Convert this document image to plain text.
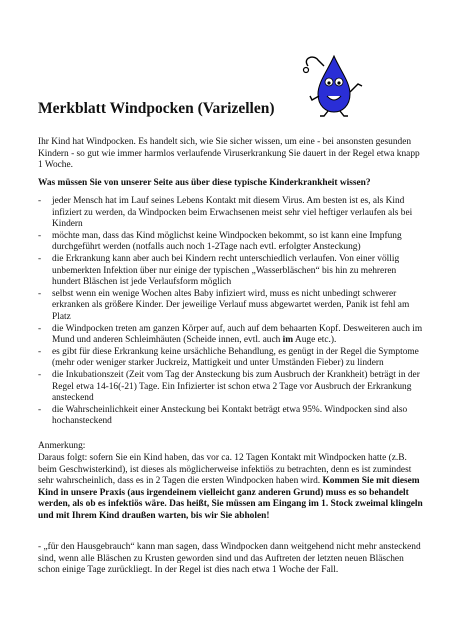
Merkblatt Windpocken (Varizellen)

Ihr Kind hat Windpocken. Es handelt sich, wie Sie sicher wissen, um eine - bei ansonsten gesunden Kindern - so gut wie immer harmlos verlaufende Viruserkrankung Sie dauert in der Regel etwa knapp 1 Woche.

Was müssen Sie von unserer Seite aus über diese typische Kinderkrankheit wissen?

- jeder Mensch hat im Lauf seines Lebens Kontakt mit diesem Virus. Am besten ist es, als Kind infiziert zu werden, da Windpocken beim Erwachsenen meist sehr viel heftiger verlaufen als bei Kindern
- möchte man, dass das Kind möglichst keine Windpocken bekommt, so ist kann eine Impfung durchgeführt werden (notfalls auch noch 1-2Tage nach evtl. erfolgter Ansteckung)
- die Erkrankung kann aber auch bei Kindern recht unterschiedlich verlaufen. Von einer völlig unbemerkten Infektion über nur einige der typischen „Wasserbläschen“ bis hin zu mehreren hundert Bläschen ist jede Verlaufsform möglich
- selbst wenn ein wenige Wochen altes Baby infiziert wird, muss es nicht unbedingt schwerer erkranken als größere Kinder. Der jeweilige Verlauf muss abgewartet werden, Panik ist fehl am Platz
- die Windpocken treten am ganzen Körper auf, auch auf dem behaarten Kopf. Desweiteren auch im Mund und anderen Schleimhäuten (Scheide innen, evtl. auch im Auge etc.).
- es gibt für diese Erkrankung keine ursächliche Behandlung, es genügt in der Regel die Symptome (mehr oder weniger starker Juckreiz, Mattigkeit und unter Umständen Fieber) zu lindern
- die Inkubationszeit (Zeit vom Tag der Ansteckung bis zum Ausbruch der Krankheit) beträgt in der Regel etwa 14-16(-21) Tage. Ein Infizierter ist schon etwa 2 Tage vor Ausbruch der Erkrankung ansteckend
- die Wahrscheinlichkeit einer Ansteckung bei Kontakt beträgt etwa 95%. Windpocken sind also hochansteckend

Anmerkung:

Daraus folgt: sofern Sie ein Kind haben, das vor ca. 12 Tagen Kontakt mit Windpocken hatte (z.B. beim Geschwisterkind), ist dieses als möglicherweise infektiös zu betrachten, denn es ist zumindest sehr wahrscheinlich, dass es in 2 Tagen die ersten Windpocken haben wird. Kommen Sie mit diesem Kind in unsere Praxis (aus irgendeinem vielleicht ganz anderen Grund) muss es so behandelt werden, als ob es infektiös wäre. Das heißt, Sie müssen am Eingang im 1. Stock zweimal klingeln und mit Ihrem Kind draußen warten, bis wir Sie abholen!

- „für den Hausgebrauch“ kann man sagen, dass Windpocken dann weitgehend nicht mehr ansteckend sind, wenn alle Bläschen zu Krusten geworden sind und das Auftreten der letzten neuen Bläschen schon einige Tage zurückliegt. In der Regel ist dies nach etwa 1 Woche der Fall.
